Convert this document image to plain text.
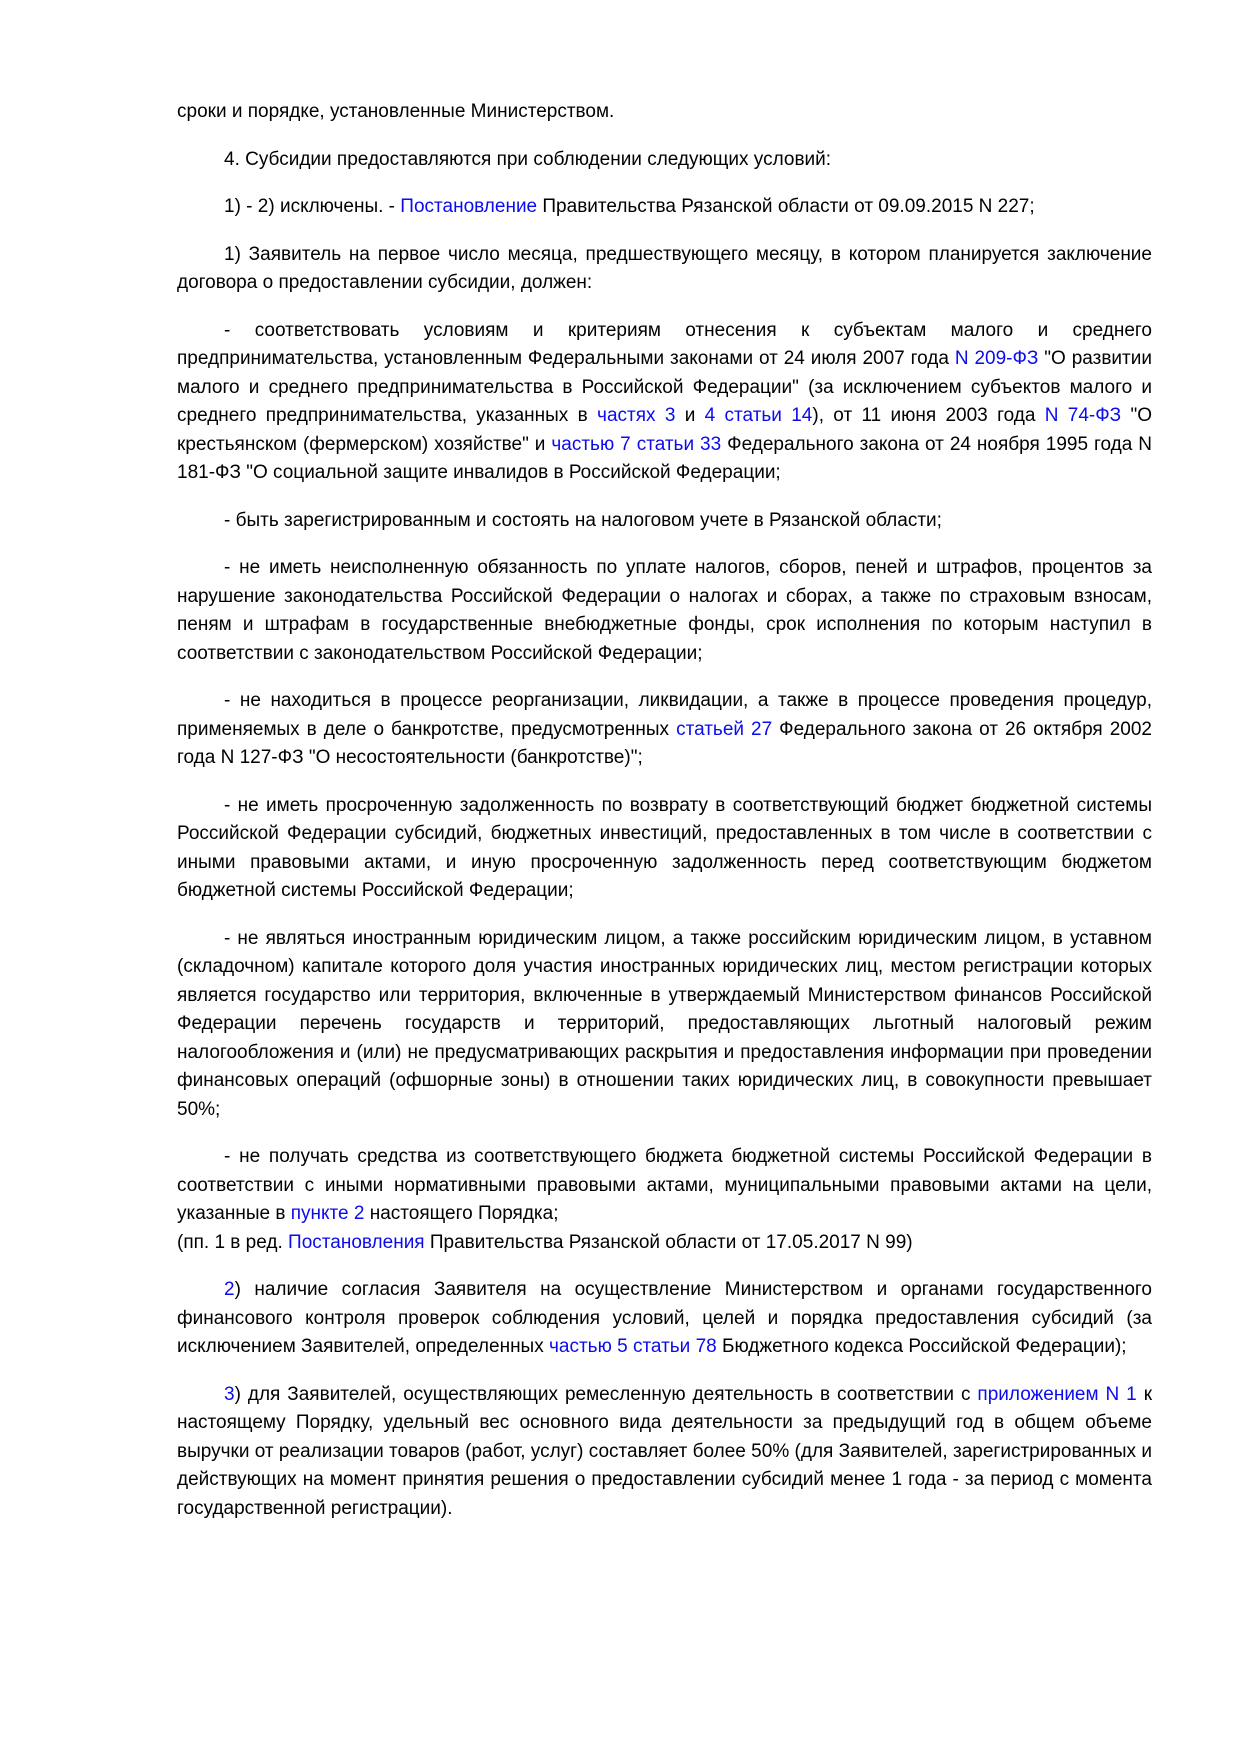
сроки и порядке, установленные Министерством.

4. Субсидии предоставляются при соблюдении следующих условий:

1) - 2) исключены. - Постановление Правительства Рязанской области от 09.09.2015 N 227;

1) Заявитель на первое число месяца, предшествующего месяцу, в котором планируется заключение договора о предоставлении субсидии, должен:

- соответствовать условиям и критериям отнесения к субъектам малого и среднего предпринимательства, установленным Федеральными законами от 24 июля 2007 года N 209-ФЗ "О развитии малого и среднего предпринимательства в Российской Федерации" (за исключением субъектов малого и среднего предпринимательства, указанных в частях 3 и 4 статьи 14), от 11 июня 2003 года N 74-ФЗ "О крестьянском (фермерском) хозяйстве" и частью 7 статьи 33 Федерального закона от 24 ноября 1995 года N 181-ФЗ "О социальной защите инвалидов в Российской Федерации;

- быть зарегистрированным и состоять на налоговом учете в Рязанской области;

- не иметь неисполненную обязанность по уплате налогов, сборов, пеней и штрафов, процентов за нарушение законодательства Российской Федерации о налогах и сборах, а также по страховым взносам, пеням и штрафам в государственные внебюджетные фонды, срок исполнения по которым наступил в соответствии с законодательством Российской Федерации;

- не находиться в процессе реорганизации, ликвидации, а также в процессе проведения процедур, применяемых в деле о банкротстве, предусмотренных статьей 27 Федерального закона от 26 октября 2002 года N 127-ФЗ "О несостоятельности (банкротстве)";

- не иметь просроченную задолженность по возврату в соответствующий бюджет бюджетной системы Российской Федерации субсидий, бюджетных инвестиций, предоставленных в том числе в соответствии с иными правовыми актами, и иную просроченную задолженность перед соответствующим бюджетом бюджетной системы Российской Федерации;

- не являться иностранным юридическим лицом, а также российским юридическим лицом, в уставном (складочном) капитале которого доля участия иностранных юридических лиц, местом регистрации которых является государство или территория, включенные в утверждаемый Министерством финансов Российской Федерации перечень государств и территорий, предоставляющих льготный налоговый режим налогообложения и (или) не предусматривающих раскрытия и предоставления информации при проведении финансовых операций (офшорные зоны) в отношении таких юридических лиц, в совокупности превышает 50%;

- не получать средства из соответствующего бюджета бюджетной системы Российской Федерации в соответствии с иными нормативными правовыми актами, муниципальными правовыми актами на цели, указанные в пункте 2 настоящего Порядка;

(пп. 1 в ред. Постановления Правительства Рязанской области от 17.05.2017 N 99)

2) наличие согласия Заявителя на осуществление Министерством и органами государственного финансового контроля проверок соблюдения условий, целей и порядка предоставления субсидий (за исключением Заявителей, определенных частью 5 статьи 78 Бюджетного кодекса Российской Федерации);

3) для Заявителей, осуществляющих ремесленную деятельность в соответствии с приложением N 1 к настоящему Порядку, удельный вес основного вида деятельности за предыдущий год в общем объеме выручки от реализации товаров (работ, услуг) составляет более 50% (для Заявителей, зарегистрированных и действующих на момент принятия решения о предоставлении субсидий менее 1 года - за период с момента государственной регистрации).
